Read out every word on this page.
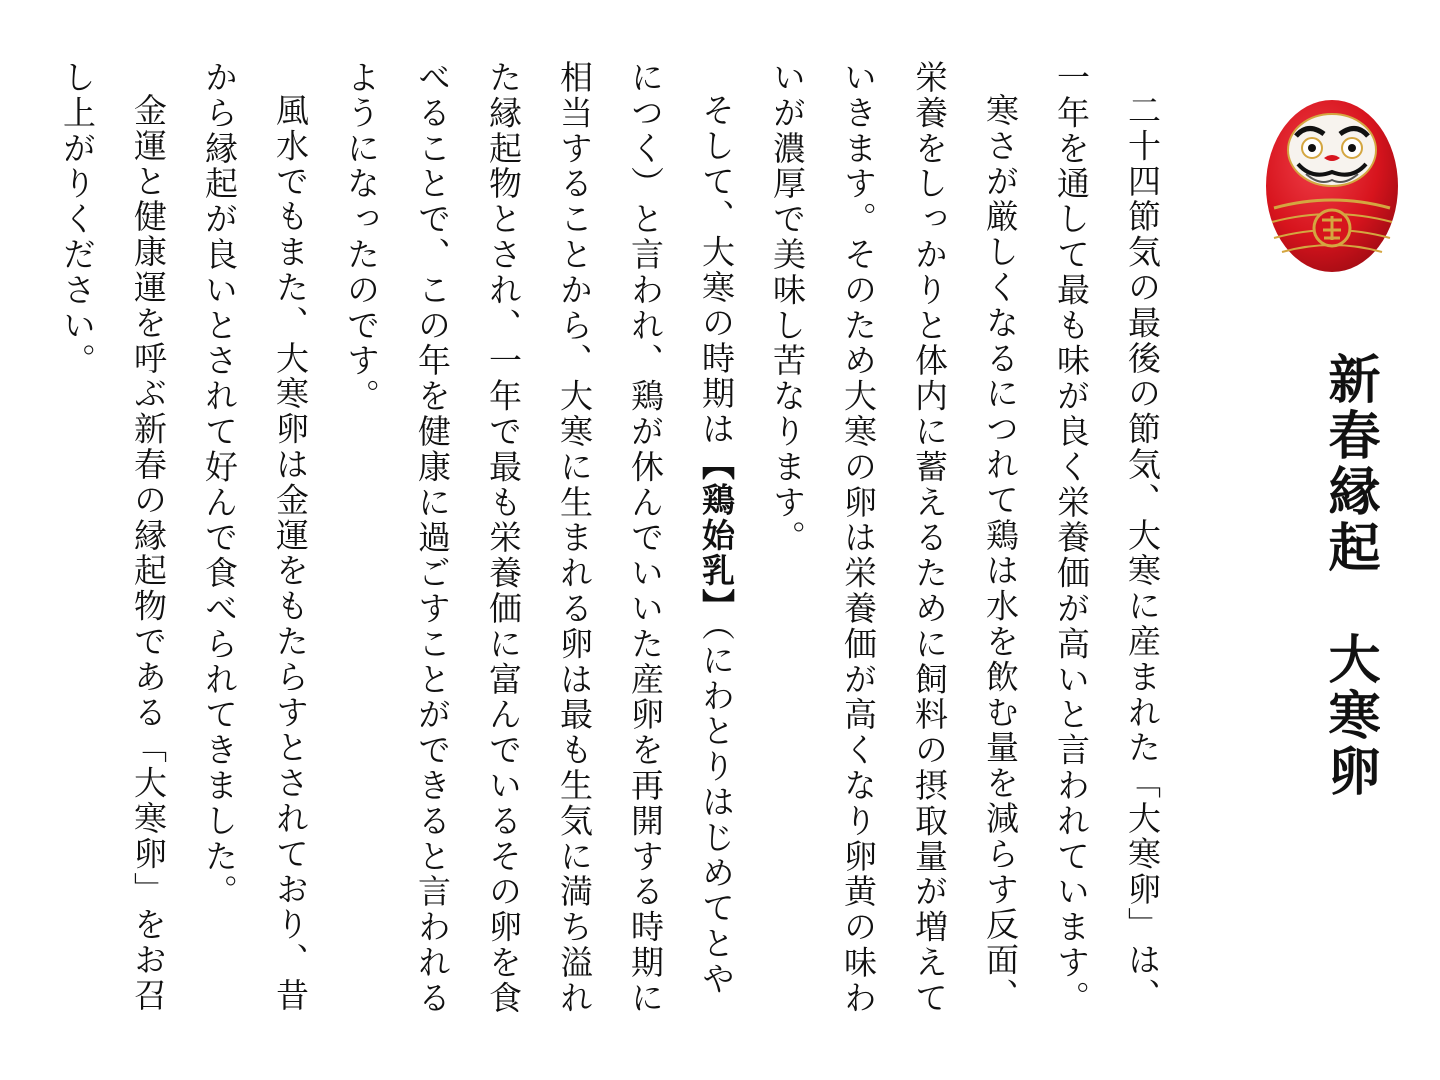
新春縁起　大寒卵

二十四節気の最後の節気、大寒に産まれた「大寒卵」は、一年を通して最も味が良く栄養価が高いと言われています。

寒さが厳しくなるにつれて鶏は水を飲む量を減らす反面、栄養をしっかりと体内に蓄えるために飼料の摂取量が増えていきます。そのため大寒の卵は栄養価が高くなり卵黄の味わいが濃厚で美味し苦なります。

そして、大寒の時期は【鶏始乳】（にわとりはじめてとやにつく）と言われ、鶏が休んでいいた産卵を再開する時期に相当することから、大寒に生まれる卵は最も生気に満ち溢れた縁起物とされ、一年で最も栄養価に富んでいるその卵を食べることで、この年を健康に過ごすことができると言われるようになったのです。

風水でもまた、大寒卵は金運をもたらすとされており、昔から縁起が良いとされて好んで食べられてきました。

金運と健康運を呼ぶ新春の縁起物である「大寒卵」をお召し上がりください。
